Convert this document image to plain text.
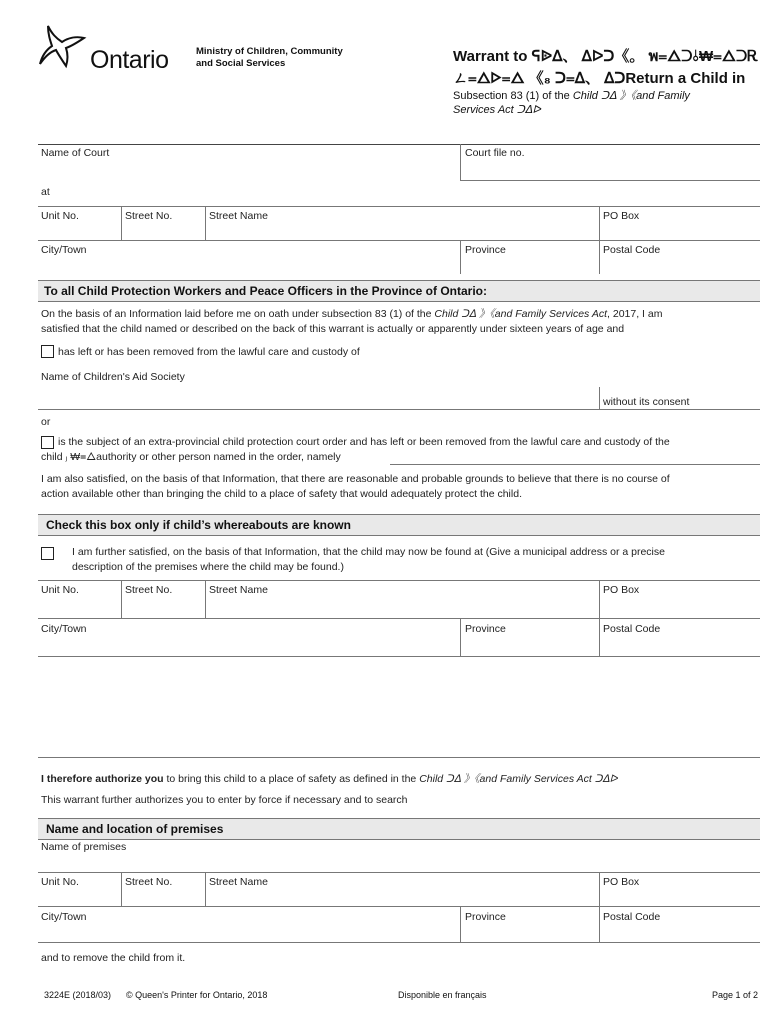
Ontario	Ministry of Children, Community
and Social Services	Warrant to ᕋᐉᐃ、 ᐃᐅᑐ《。 พ᐀ᐃᑐ⫰₩᐀ᐃᑐᎡ
ㄥ᐀ᐃᐅ᐀ᐃ 《₈ ᑐ᐀ᐃ、 ᐃᑐReturn a Child in
Subsection 83 (1) of the Child ᑐᐃ 》《and Family
Services Act ᑐᐃᐅ
Name of Court	Court file no.
at
Unit No.	Street No.	Street Name	PO Box
City/Town	Province	Postal Code
To all Child Protection Workers and Peace Officers in the Province of Ontario:
On the basis of an Information laid before me on oath under subsection 83 (1) of the Child ᑐᐃ 》《and Family Services Act, 2017, I am
satisfied that the child named or described on the back of this warrant is actually or apparently under sixteen years of age and
has left or has been removed from the lawful care and custody of
Name of Children's Aid Society
without its consent
or
is the subject of an extra-provincial child protection court order and has left or been removed from the lawful care and custody of the
child ⱼ ₩᐀ᐃauthority or other person named in the order, namely
I am also satisfied, on the basis of that Information, that there are reasonable and probable grounds to believe that there is no course of
action available other than bringing the child to a place of safety that would adequately protect the child.
Check this box only if child’s whereabouts are known
I am further satisfied, on the basis of that Information, that the child may now be found at (Give a municipal address or a precise
description of the premises where the child may be found.)
Unit No.	Street No.	Street Name	PO Box
City/Town	Province	Postal Code
I therefore authorize you to bring this child to a place of safety as defined in the Child ᑐᐃ 》《and Family Services Act ᑐᐃᐅ
This warrant further authorizes you to enter by force if necessary and to search
Name and location of premises
Name of premises
Unit No.	Street No.	Street Name	PO Box
City/Town	Province	Postal Code
and to remove the child from it.
3224E (2018/03) © Queen's Printer for Ontario, 2018	Disponible en français	Page 1 of 2
